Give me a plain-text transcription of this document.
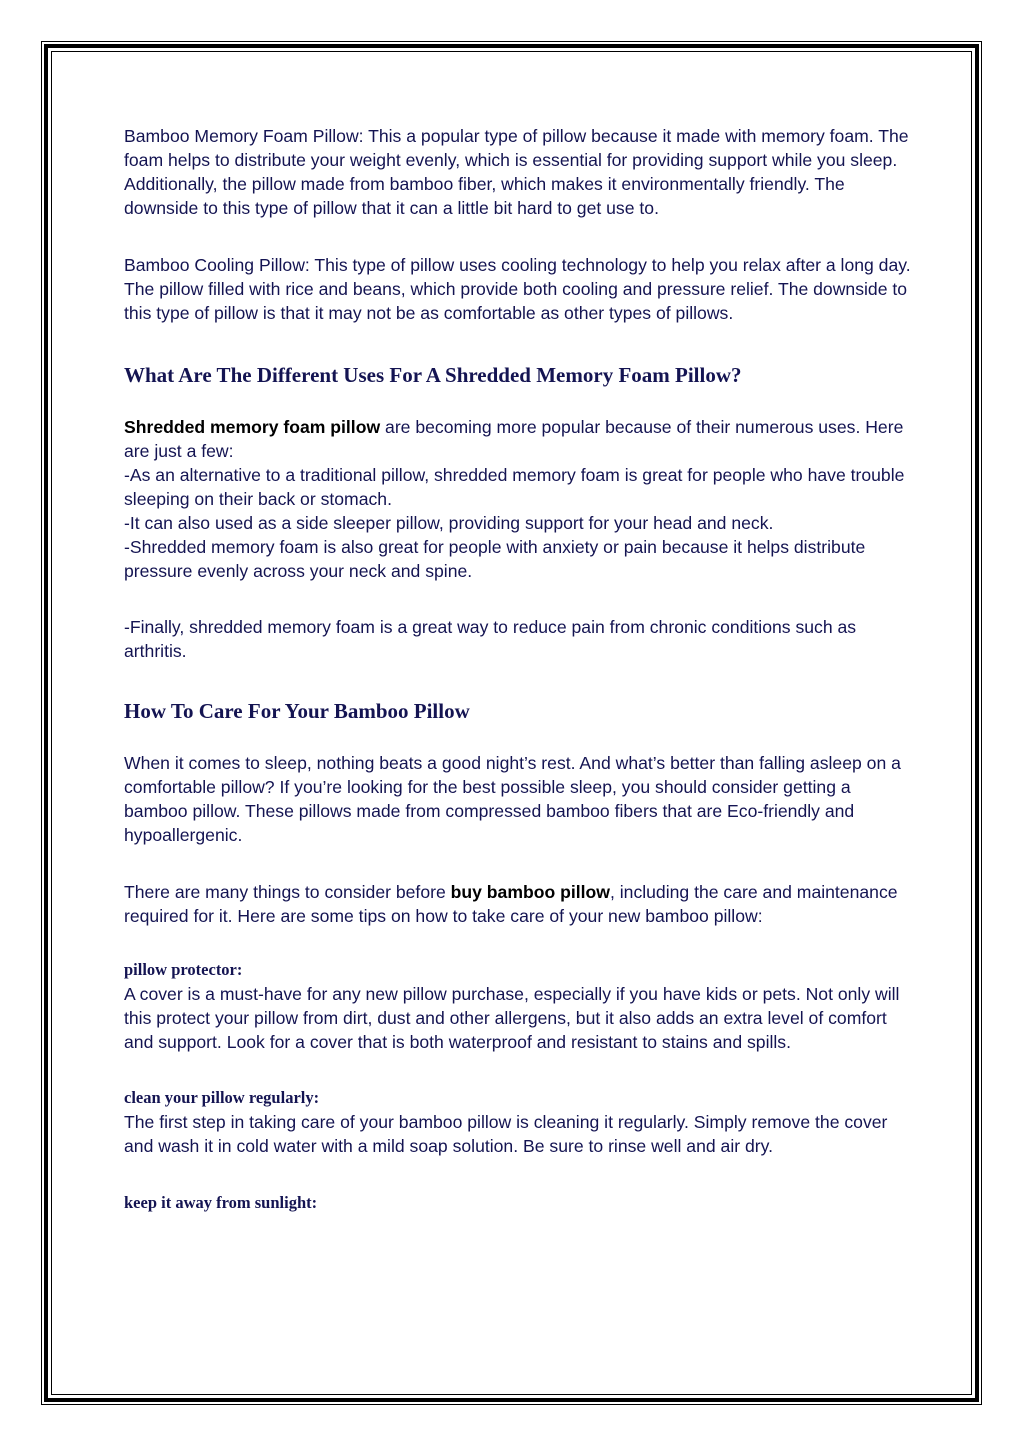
Bamboo Memory Foam Pillow: This a popular type of pillow because it made with memory foam. The foam helps to distribute your weight evenly, which is essential for providing support while you sleep. Additionally, the pillow made from bamboo fiber, which makes it environmentally friendly. The downside to this type of pillow that it can a little bit hard to get use to.

Bamboo Cooling Pillow: This type of pillow uses cooling technology to help you relax after a long day. The pillow filled with rice and beans, which provide both cooling and pressure relief. The downside to this type of pillow is that it may not be as comfortable as other types of pillows.

What Are The Different Uses For A Shredded Memory Foam Pillow?

Shredded memory foam pillow are becoming more popular because of their numerous uses. Here are just a few:

-As an alternative to a traditional pillow, shredded memory foam is great for people who have trouble sleeping on their back or stomach.

-It can also used as a side sleeper pillow, providing support for your head and neck.

-Shredded memory foam is also great for people with anxiety or pain because it helps distribute pressure evenly across your neck and spine.

-Finally, shredded memory foam is a great way to reduce pain from chronic conditions such as arthritis.

How To Care For Your Bamboo Pillow

When it comes to sleep, nothing beats a good night’s rest. And what’s better than falling asleep on a comfortable pillow? If you’re looking for the best possible sleep, you should consider getting a bamboo pillow. These pillows made from compressed bamboo fibers that are Eco-friendly and hypoallergenic.

There are many things to consider before buy bamboo pillow, including the care and maintenance required for it. Here are some tips on how to take care of your new bamboo pillow:

pillow protector:

A cover is a must-have for any new pillow purchase, especially if you have kids or pets. Not only will this protect your pillow from dirt, dust and other allergens, but it also adds an extra level of comfort and support. Look for a cover that is both waterproof and resistant to stains and spills.

clean your pillow regularly:

The first step in taking care of your bamboo pillow is cleaning it regularly. Simply remove the cover and wash it in cold water with a mild soap solution. Be sure to rinse well and air dry.

keep it away from sunlight:
